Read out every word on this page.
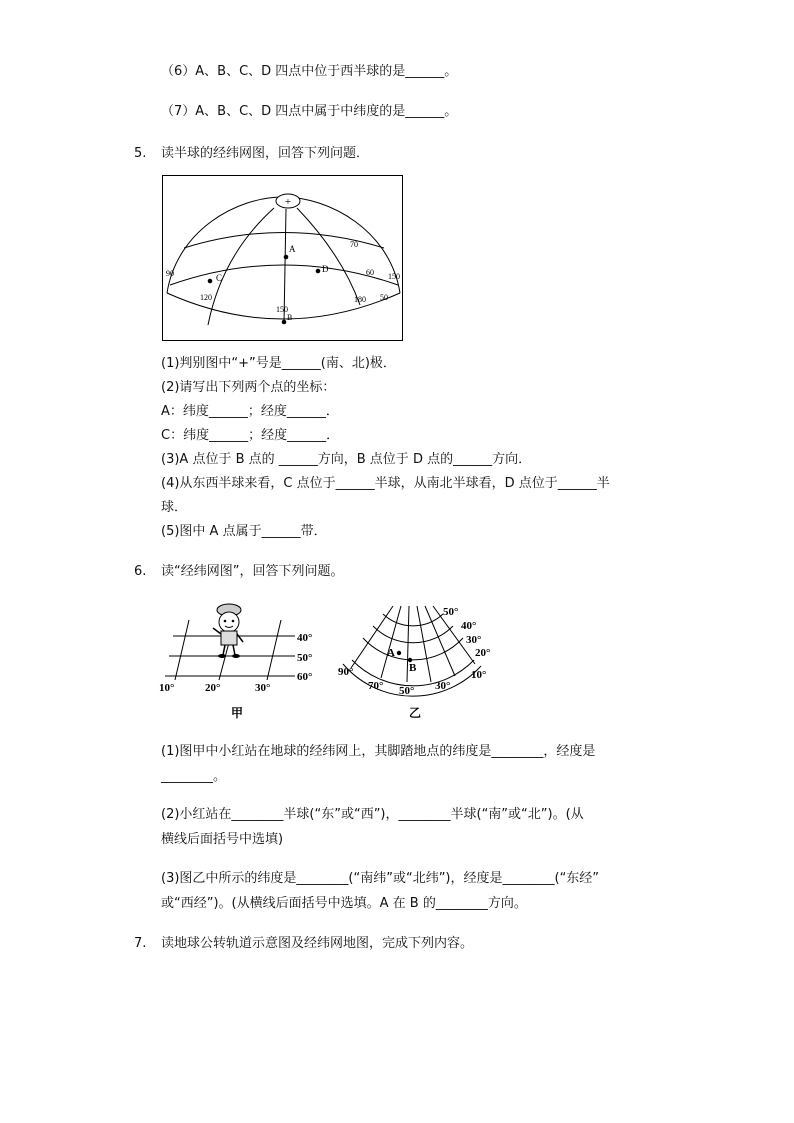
（6）A、B、C、D 四点中位于西半球的是______。
（7）A、B、C、D 四点中属于中纬度的是______。
5. 读半球的经纬网图，回答下列问题．
+
A
D
C
B
70
60
90	150
120	180 50
150
(1)判别图中“+”号是______(南、北)极．
(2)请写出下列两个点的坐标：
A：纬度______；经度______．
C：纬度______；经度______．
(3)A 点位于 B 点的 ______方向，B 点位于 D 点的______方向．
(4)从东西半球来看，C 点位于______半球，从南北半球看，D 点位于______半
球．
(5)图中 A 点属于______带．
6. 读“经纬网图”，回答下列问题。
40°
50°
60°
10°	20°	30°
甲
A
B
50°
40°
30°
20°
10°
90°
70° 50° 30°
乙
(1)图甲中小红站在地球的经纬网上，其脚踏地点的纬度是________，经度是
________。
(2)小红站在________半球(“东”或“西”)，________半球(“南”或“北”)。(从
横线后面括号中选填)
(3)图乙中所示的纬度是________(“南纬”或“北纬”)，经度是________(“东经”
或“西经”)。(从横线后面括号中选填。A 在 B 的________方向。
7. 读地球公转轨道示意图及经纬网地图，完成下列内容。
